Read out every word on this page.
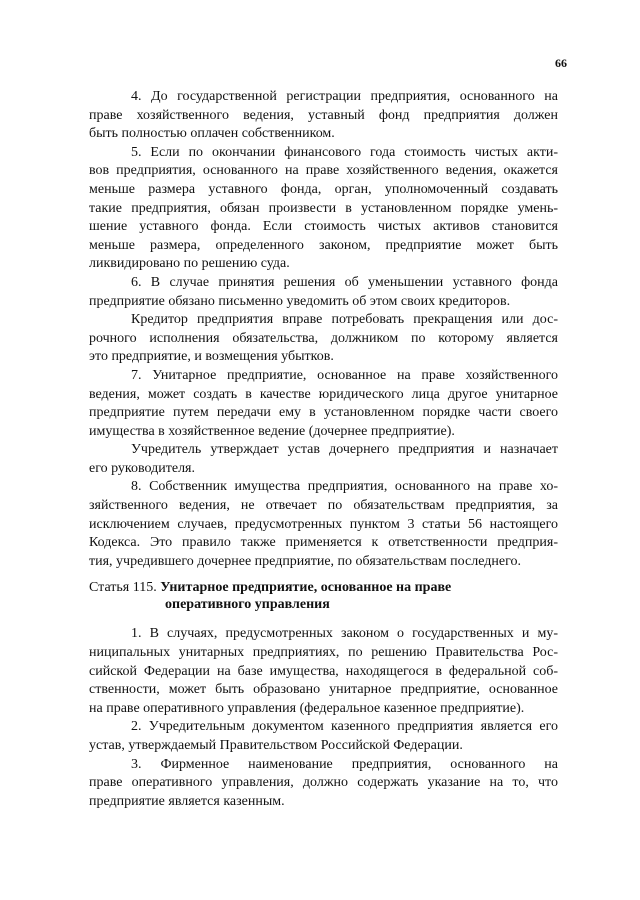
66
4. До государственной регистрации предприятия, основанного на
праве хозяйственного ведения, уставный фонд предприятия должен
быть полностью оплачен собственником.
5. Если по окончании финансового года стоимость чистых акти-
вов предприятия, основанного на праве хозяйственного ведения, окажется
меньше размера уставного фонда, орган, уполномоченный создавать
такие предприятия, обязан произвести в установленном порядке умень-
шение уставного фонда. Если стоимость чистых активов становится
меньше размера, определенного законом, предприятие может быть
ликвидировано по решению суда.
6. В случае принятия решения об уменьшении уставного фонда
предприятие обязано письменно уведомить об этом своих кредиторов.
Кредитор предприятия вправе потребовать прекращения или дос-
рочного исполнения обязательства, должником по которому является
это предприятие, и возмещения убытков.
7. Унитарное предприятие, основанное на праве хозяйственного
ведения, может создать в качестве юридического лица другое унитарное
предприятие путем передачи ему в установленном порядке части своего
имущества в хозяйственное ведение (дочернее предприятие).
Учредитель утверждает устав дочернего предприятия и назначает
его руководителя.
8. Собственник имущества предприятия, основанного на праве хо-
зяйственного ведения, не отвечает по обязательствам предприятия, за
исключением случаев, предусмотренных пунктом 3 статьи 56 настоящего
Кодекса. Это правило также применяется к ответственности предприя-
тия, учредившего дочернее предприятие, по обязательствам последнего.
Статья 115. Унитарное предприятие, основанное на праве
оперативного управления
1. В случаях, предусмотренных законом о государственных и му-
ниципальных унитарных предприятиях, по решению Правительства Рос-
сийской Федерации на базе имущества, находящегося в федеральной соб-
ственности, может быть образовано унитарное предприятие, основанное
на праве оперативного управления (федеральное казенное предприятие).
2. Учредительным документом казенного предприятия является его
устав, утверждаемый Правительством Российской Федерации.
3. Фирменное наименование предприятия, основанного на
праве оперативного управления, должно содержать указание на то, что
предприятие является казенным.
